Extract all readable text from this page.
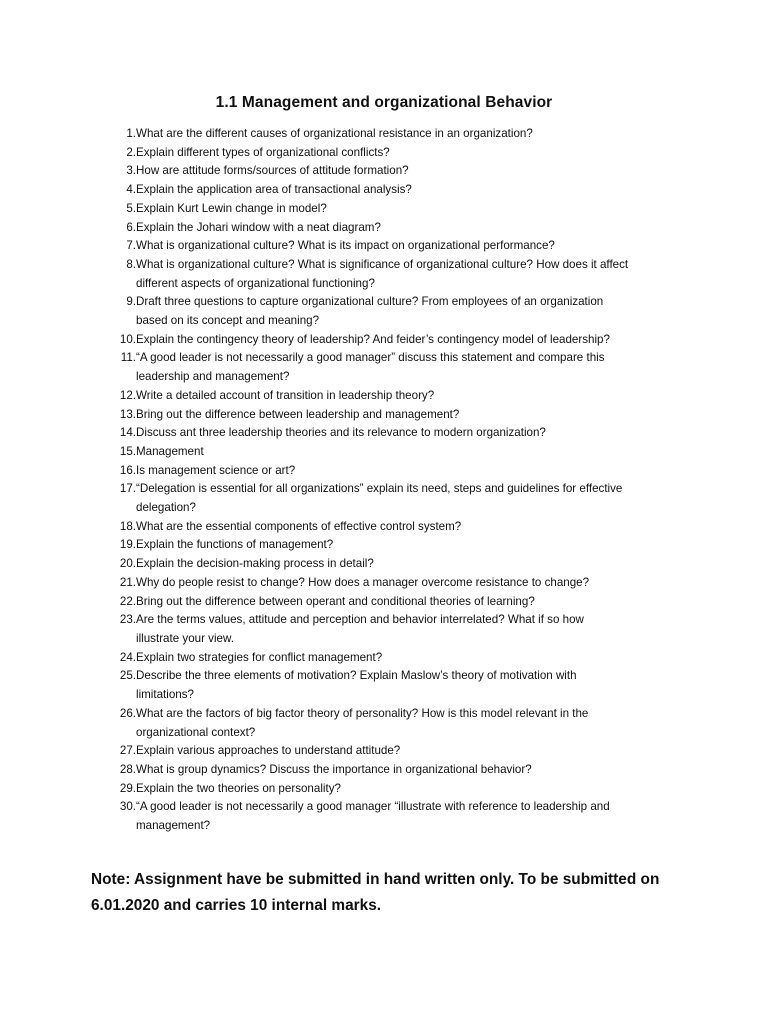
1.1 Management and organizational Behavior
1. What are the different causes of organizational resistance in an organization?
2. Explain different types of organizational conflicts?
3. How are attitude forms/sources of attitude formation?
4. Explain the application area of transactional analysis?
5. Explain Kurt Lewin change in model?
6. Explain the Johari window with a neat diagram?
7. What is organizational culture? What is its impact on organizational performance?
8. What is organizational culture? What is significance of organizational culture? How does it affect
different aspects of organizational functioning?
9. Draft three questions to capture organizational culture? From employees of an organization
based on its concept and meaning?
10. Explain the contingency theory of leadership? And feider’s contingency model of leadership?
11. “A good leader is not necessarily a good manager” discuss this statement and compare this
leadership and management?
12. Write a detailed account of transition in leadership theory?
13. Bring out the difference between leadership and management?
14. Discuss ant three leadership theories and its relevance to modern organization?
15. Management
16. Is management science or art?
17. “Delegation is essential for all organizations” explain its need, steps and guidelines for effective
delegation?
18. What are the essential components of effective control system?
19. Explain the functions of management?
20. Explain the decision-making process in detail?
21. Why do people resist to change? How does a manager overcome resistance to change?
22. Bring out the difference between operant and conditional theories of learning?
23. Are the terms values, attitude and perception and behavior interrelated? What if so how
illustrate your view.
24. Explain two strategies for conflict management?
25. Describe the three elements of motivation? Explain Maslow’s theory of motivation with
limitations?
26. What are the factors of big factor theory of personality? How is this model relevant in the
organizational context?
27. Explain various approaches to understand attitude?
28. What is group dynamics? Discuss the importance in organizational behavior?
29. Explain the two theories on personality?
30. “A good leader is not necessarily a good manager “illustrate with reference to leadership and
management?

Note: Assignment have be submitted in hand written only. To be submitted on 6.01.2020 and carries 10 internal marks.
